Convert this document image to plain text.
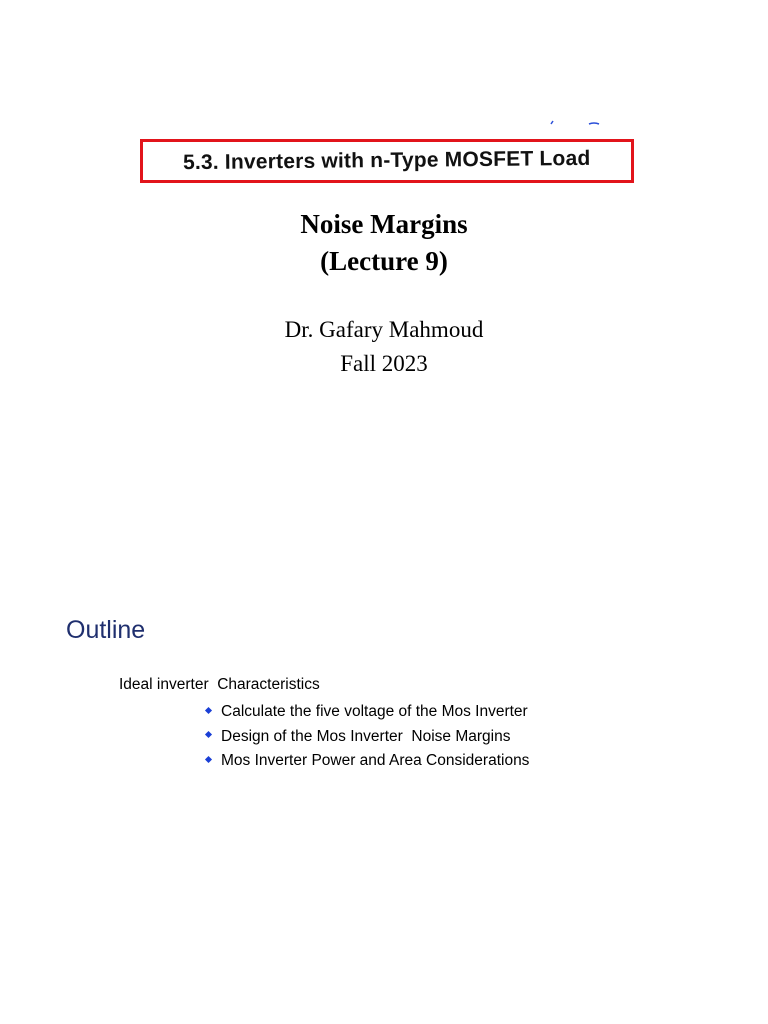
5.3. Inverters with n-Type MOSFET Load
Noise Margins
(Lecture 9)
Dr. Gafary Mahmoud
Fall 2023
Outline
Ideal inverter  Characteristics
Calculate the five voltage of the Mos Inverter
Design of the Mos Inverter  Noise Margins
Mos Inverter Power and Area Considerations
